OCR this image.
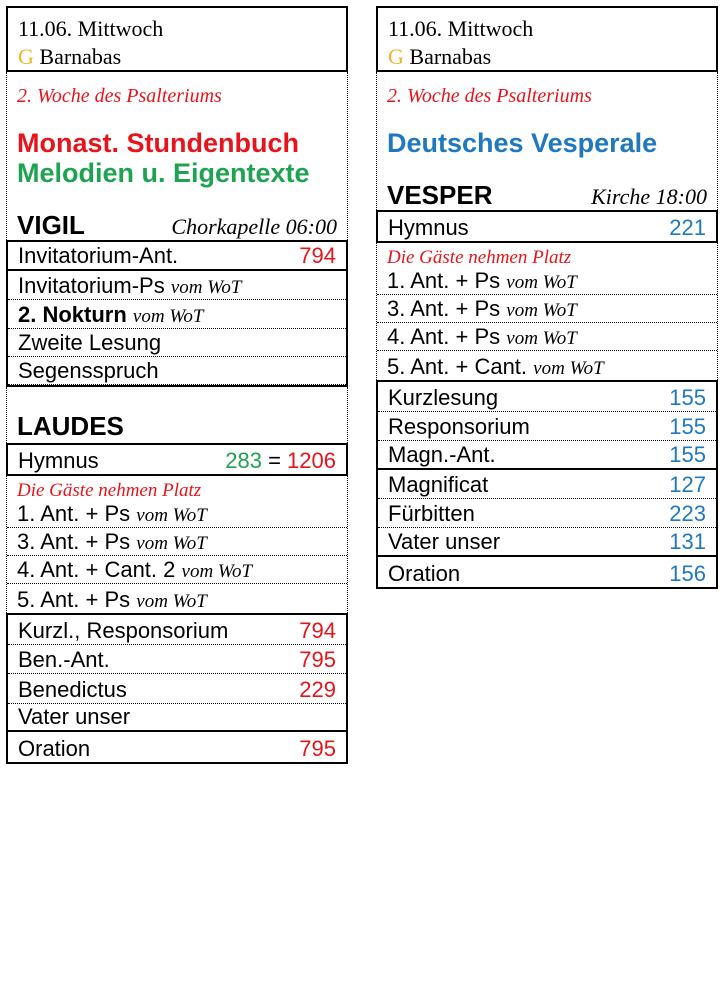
11.06. Mittwoch
G Barnabas
2. Woche des Psalteriums
Monast. Stundenbuch
Melodien u. Eigentexte
VIGIL	Chorkapelle 06:00
Invitatorium-Ant.	794
Invitatorium-Ps vom WoT
2. Nokturn vom WoT
Zweite Lesung
Segensspruch
LAUDES
Hymnus	283 = 1206
Die Gäste nehmen Platz
1. Ant. + Ps vom WoT
3. Ant. + Ps vom WoT
4. Ant. + Cant. 2 vom WoT
5. Ant. + Ps vom WoT
Kurzl., Responsorium	794
Ben.-Ant.	795
Benedictus	229
Vater unser
Oration	795
11.06. Mittwoch
G Barnabas
2. Woche des Psalteriums
Deutsches Vesperale
VESPER	Kirche 18:00
Hymnus	221
Die Gäste nehmen Platz
1. Ant. + Ps vom WoT
3. Ant. + Ps vom WoT
4. Ant. + Ps vom WoT
5. Ant. + Cant. vom WoT
Kurzlesung	155
Responsorium	155
Magn.-Ant.	155
Magnificat	127
Fürbitten	223
Vater unser	131
Oration	156
